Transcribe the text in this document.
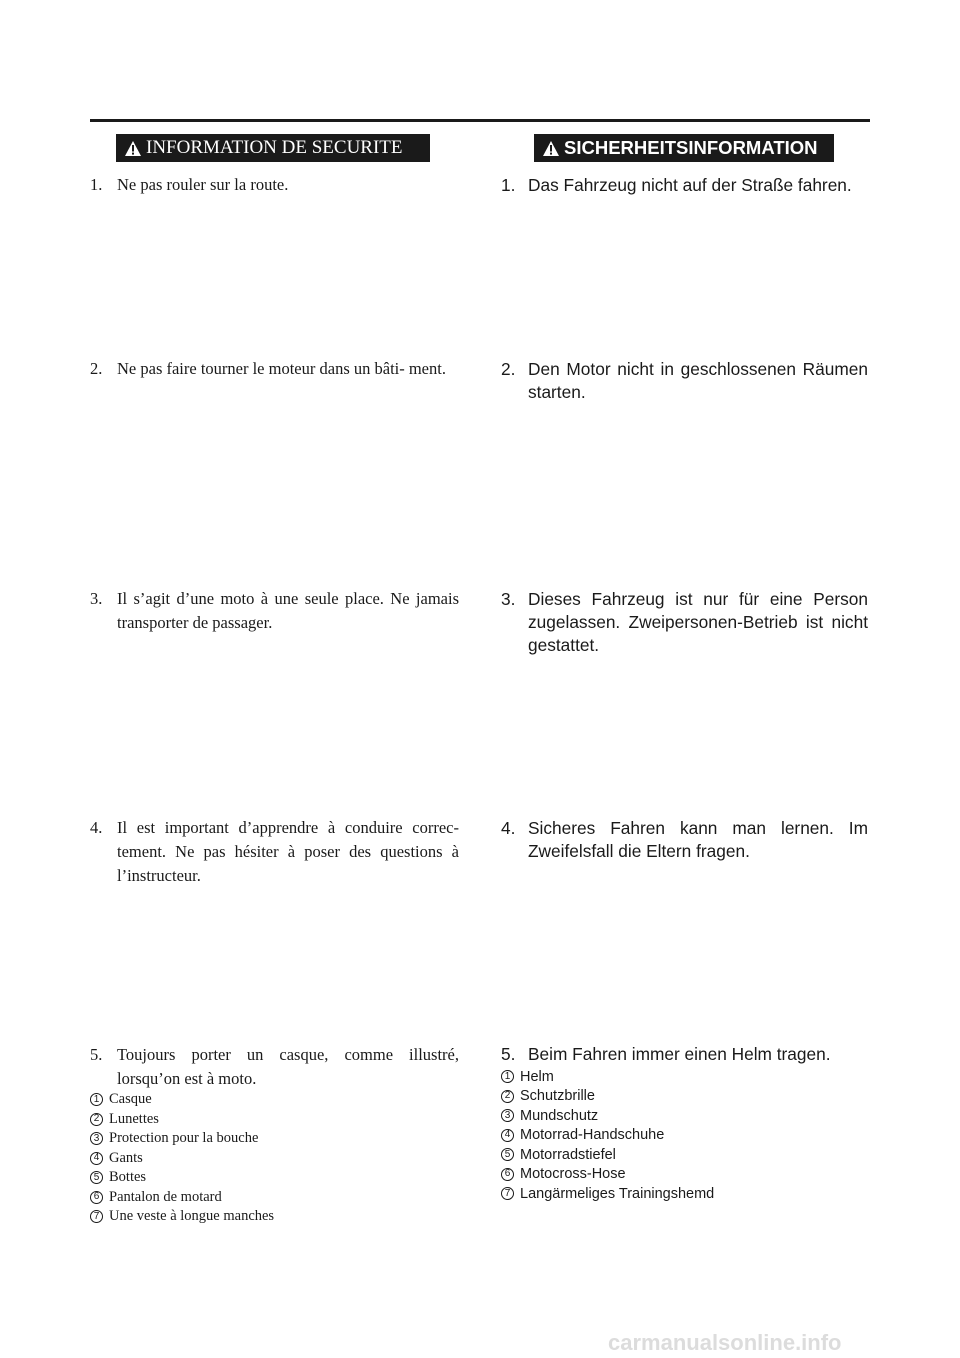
INFORMATION DE SECURITE	SICHERHEITSINFORMATION
1. Ne pas rouler sur la route.
2. Ne pas faire tourner le moteur dans un bâti- ment.
3. Il s’agit d’une moto à une seule place. Ne jamais transporter de passager.
4. Il est important d’apprendre à conduire correc- tement. Ne pas hésiter à poser des questions à l’instructeur.
5. Toujours porter un casque, comme illustré, lorsqu’on est à moto.
1. Das Fahrzeug nicht auf der Straße fahren.
2. Den Motor nicht in geschlossenen Räumen starten.
3. Dieses Fahrzeug ist nur für eine Person zugelassen. Zweipersonen-Betrieb ist nicht gestattet.
4. Sicheres Fahren kann man lernen. Im Zweifelsfall die Eltern fragen.
5. Beim Fahren immer einen Helm tragen.
1 Casque
2 Lunettes
3 Protection pour la bouche
4 Gants
5 Bottes
6 Pantalon de motard
7 Une veste à longue manches
1 Helm
2 Schutzbrille
3 Mundschutz
4 Motorrad-Handschuhe
5 Motorradstiefel
6 Motocross-Hose
7 Langärmeliges Trainingshemd
carmanualsonline.info
